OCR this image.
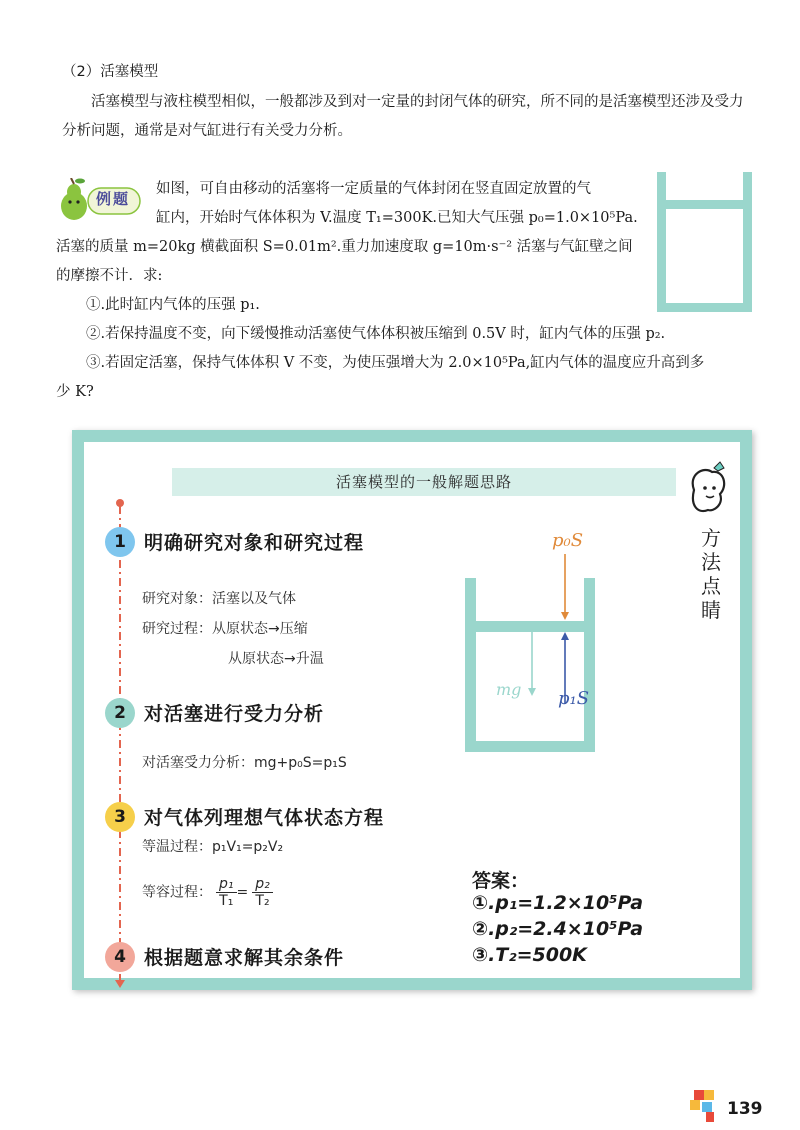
（2）活塞模型
活塞模型与液柱模型相似，一般都涉及到对一定量的封闭气体的研究，所不同的是活塞模型还涉及受力分析问题，通常是对气缸进行有关受力分析。
例题
如图，可自由移动的活塞将一定质量的气体封闭在竖直固定放置的气
缸内，开始时气体体积为 V.温度 T₁=300K.已知大气压强 p₀=1.0×10⁵Pa.
活塞的质量 m=20kg 横截面积 S=0.01m².重力加速度取 g=10m·s⁻² 活塞与气缸壁之间
的摩擦不计．求:
①.此时缸内气体的压强 p₁.
②.若保持温度不变，向下缓慢推动活塞使气体体积被压缩到 0.5V 时，缸内气体的压强 p₂.
③.若固定活塞，保持气体体积 V 不变，为使压强增大为 2.0×10⁵Pa,缸内气体的温度应升高到多
少 K?
活塞模型的一般解题思路
1 明确研究对象和研究过程
研究对象：活塞以及气体
研究过程：从原状态→压缩
从原状态→升温
2 对活塞进行受力分析
对活塞受力分析：mg+p₀S=p₁S
3 对气体列理想气体状态方程
等温过程：p₁V₁=p₂V₂
等容过程： $\frac{\text{p₁}}{\text{T₁}} = \frac{\text{p₂}}{\text{T₂}}$
4 根据题意求解其余条件
p₀S
mg p₁S
方
法
点
睛
答案：
①.p₁=1.2×10⁵Pa
②.p₂=2.4×10⁵Pa
③.T₂=500K
139
